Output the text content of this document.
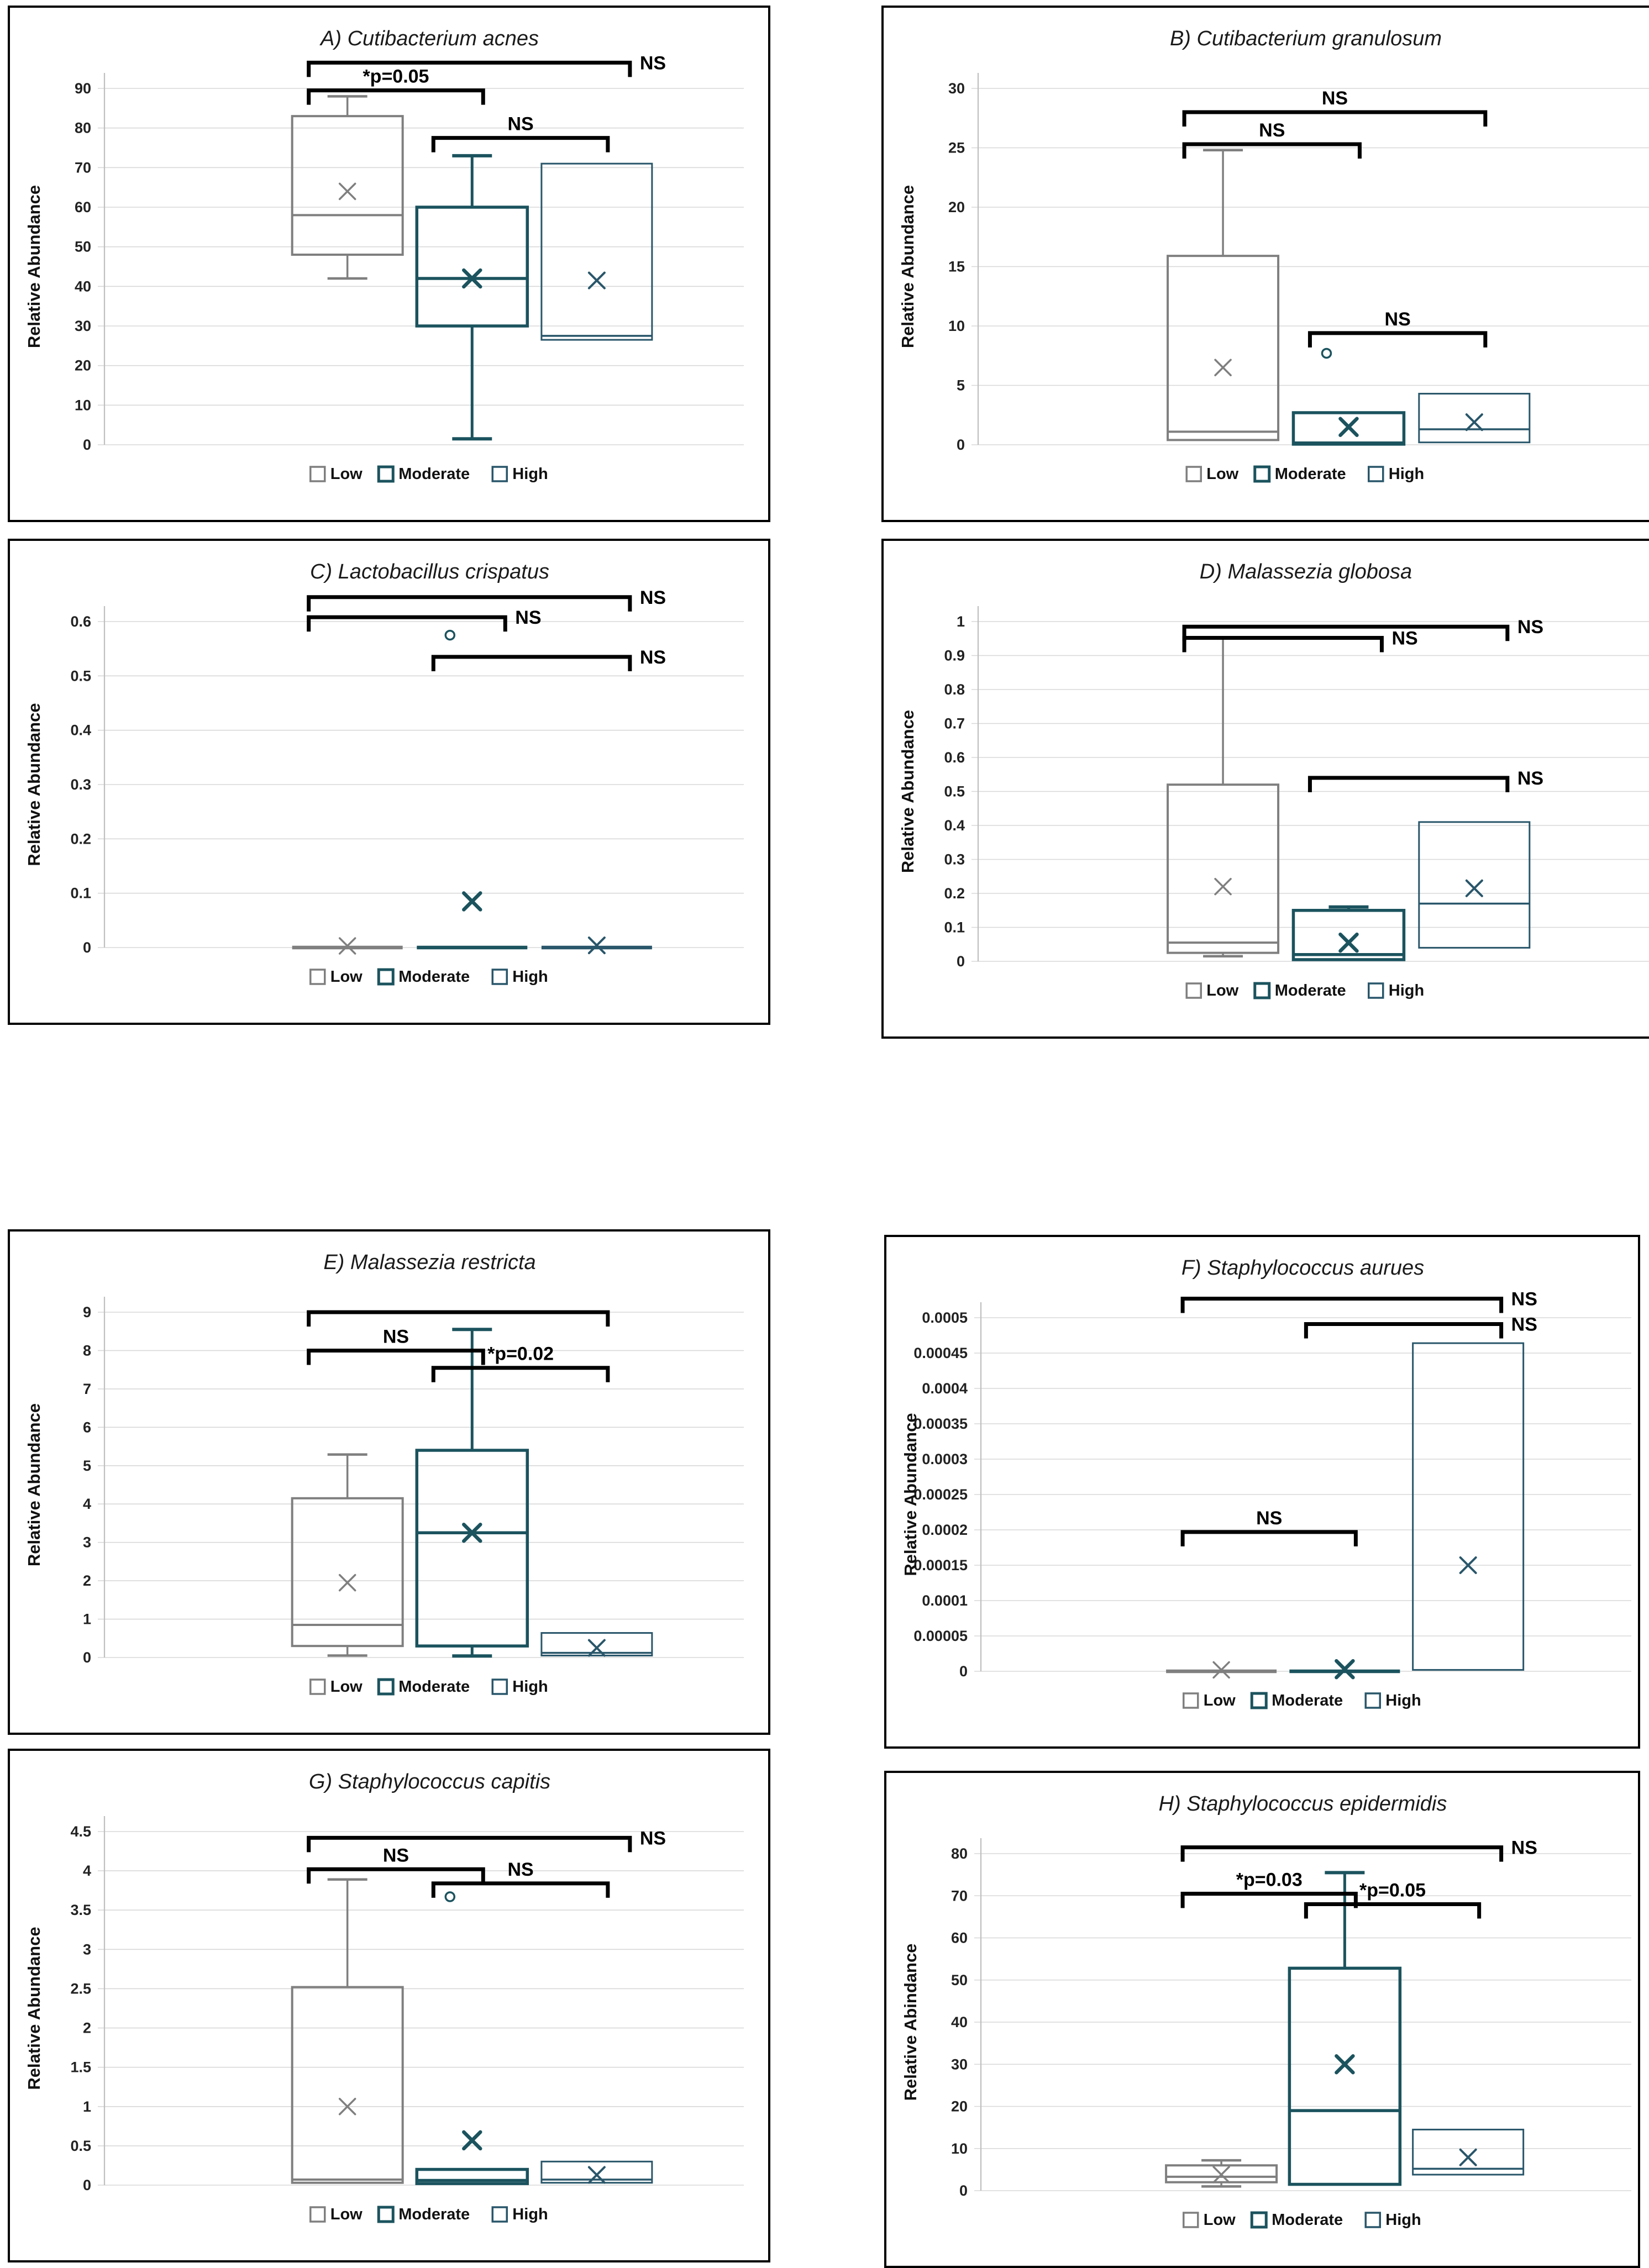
0
10
20
30
40
50
60
70
80
90
Relative Abundance
A) Cutibacterium acnes
NS
*p=0.05
NS
Low Moderate	High
0
5
10
15
20
25
30
Relative Abundance
B) Cutibacterium granulosum
NS
NS
NS
Low Moderate	High
0
0.1
0.2
0.3
0.4
0.5
0.6
Relative Abundance
C) Lactobacillus crispatus
NS
NS
NS
Low Moderate	High
0
0.1
0.2
0.3
0.4
0.5
0.6
0.7
0.8
0.9
1
Relative Abundance
D) Malassezia globosa
NS
NS
NS
Low Moderate	High
0
1
2
3
4
5
6
7
8
9
Relative Abundance
E) Malassezia restricta
NS
*p=0.02
Low Moderate	High
0
0.00005
0.0001
0.00015
0.0002
0.00025
0.0003
0.00035
0.0004
0.00045
0.0005
Relative Abundance
F) Staphylococcus aurues
NS
NS
NS
Low Moderate	High
0
0.5
1
1.5
2
2.5
3
3.5
4
4.5
Relative Abundance
G) Staphylococcus capitis
NS
NS
NS
Low Moderate	High
0
10
20
30
40
50
60
70
80
Relative Abindance
H) Staphylococcus epidermidis
NS
*p=0.03
*p=0.05
Low Moderate	High
